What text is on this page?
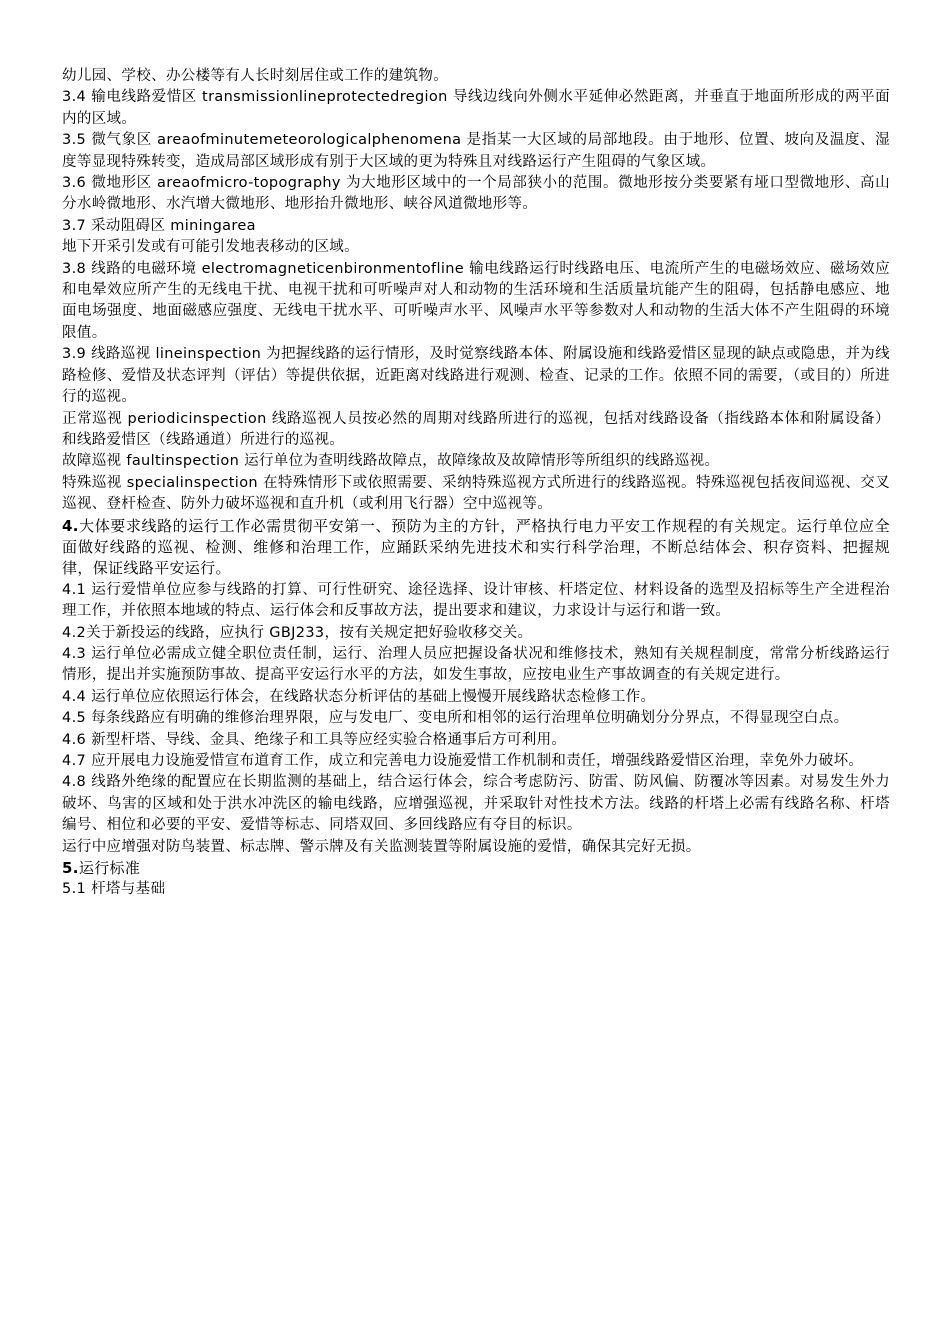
幼儿园、学校、办公楼等有人长时刻居住或工作的建筑物。

3.4 输电线路爱惜区 transmissionlineprotectedregion 导线边线向外侧水平延伸必然距离，并垂直于地面所形成的两平面内的区域。

3.5 微气象区 areaofminutemeteorologicalphenomena 是指某一大区域的局部地段。由于地形、位置、坡向及温度、湿度等显现特殊转变，造成局部区域形成有别于大区域的更为特殊且对线路运行产生阻碍的气象区域。

3.6 微地形区 areaofmicro-topography 为大地形区域中的一个局部狭小的范围。微地形按分类要紧有垭口型微地形、高山分水岭微地形、水汽增大微地形、地形抬升微地形、峡谷风道微地形等。

3.7 采动阻碍区 miningarea

地下开采引发或有可能引发地表移动的区域。

3.8 线路的电磁环境 electromagneticenbironmentofline 输电线路运行时线路电压、电流所产生的电磁场效应、磁场效应和电晕效应所产生的无线电干扰、电视干扰和可听噪声对人和动物的生活环境和生活质量坑能产生的阻碍，包括静电感应、地面电场强度、地面磁感应强度、无线电干扰水平、可听噪声水平、风噪声水平等参数对人和动物的生活大体不产生阻碍的环境限值。

3.9 线路巡视 lineinspection 为把握线路的运行情形，及时觉察线路本体、附属设施和线路爱惜区显现的缺点或隐患，并为线路检修、爱惜及状态评判（评估）等提供依据，近距离对线路进行观测、检查、记录的工作。依照不同的需要，（或目的）所进行的巡视。

正常巡视 periodicinspection 线路巡视人员按必然的周期对线路所进行的巡视，包括对线路设备（指线路本体和附属设备）和线路爱惜区（线路通道）所进行的巡视。

故障巡视 faultinspection 运行单位为查明线路故障点，故障缘故及故障情形等所组织的线路巡视。

特殊巡视 specialinspection 在特殊情形下或依照需要、采纳特殊巡视方式所进行的线路巡视。特殊巡视包括夜间巡视、交叉巡视、登杆检查、防外力破坏巡视和直升机（或利用飞行器）空中巡视等。

4.大体要求线路的运行工作必需贯彻平安第一、预防为主的方针，严格执行电力平安工作规程的有关规定。运行单位应全面做好线路的巡视、检测、维修和治理工作，应踊跃采纳先进技术和实行科学治理，不断总结体会、积存资料、把握规律，保证线路平安运行。

4.1 运行爱惜单位应参与线路的打算、可行性研究、途径选择、设计审核、杆塔定位、材料设备的选型及招标等生产全进程治理工作，并依照本地域的特点、运行体会和反事故方法，提出要求和建议，力求设计与运行和谐一致。

4.2关于新投运的线路，应执行 GBJ233，按有关规定把好验收移交关。

4.3 运行单位必需成立健全职位责任制，运行、治理人员应把握设备状况和维修技术，熟知有关规程制度，常常分析线路运行情形，提出并实施预防事故、提高平安运行水平的方法，如发生事故，应按电业生产事故调查的有关规定进行。

4.4 运行单位应依照运行体会，在线路状态分析评估的基础上慢慢开展线路状态检修工作。

4.5 每条线路应有明确的维修治理界限，应与发电厂、变电所和相邻的运行治理单位明确划分分界点，不得显现空白点。

4.6 新型杆塔、导线、金具、绝缘子和工具等应经实验合格通事后方可利用。

4.7 应开展电力设施爱惜宣布道育工作，成立和完善电力设施爱惜工作机制和责任，增强线路爱惜区治理，幸免外力破坏。

4.8 线路外绝缘的配置应在长期监测的基础上，结合运行体会，综合考虑防污、防雷、防风偏、防覆冰等因素。对易发生外力破坏、鸟害的区域和处于洪水冲洗区的输电线路，应增强巡视，并采取针对性技术方法。线路的杆塔上必需有线路名称、杆塔编号、相位和必要的平安、爱惜等标志、同塔双回、多回线路应有夺目的标识。

运行中应增强对防鸟装置、标志牌、警示牌及有关监测装置等附属设施的爱惜，确保其完好无损。

5.运行标准

5.1 杆塔与基础
